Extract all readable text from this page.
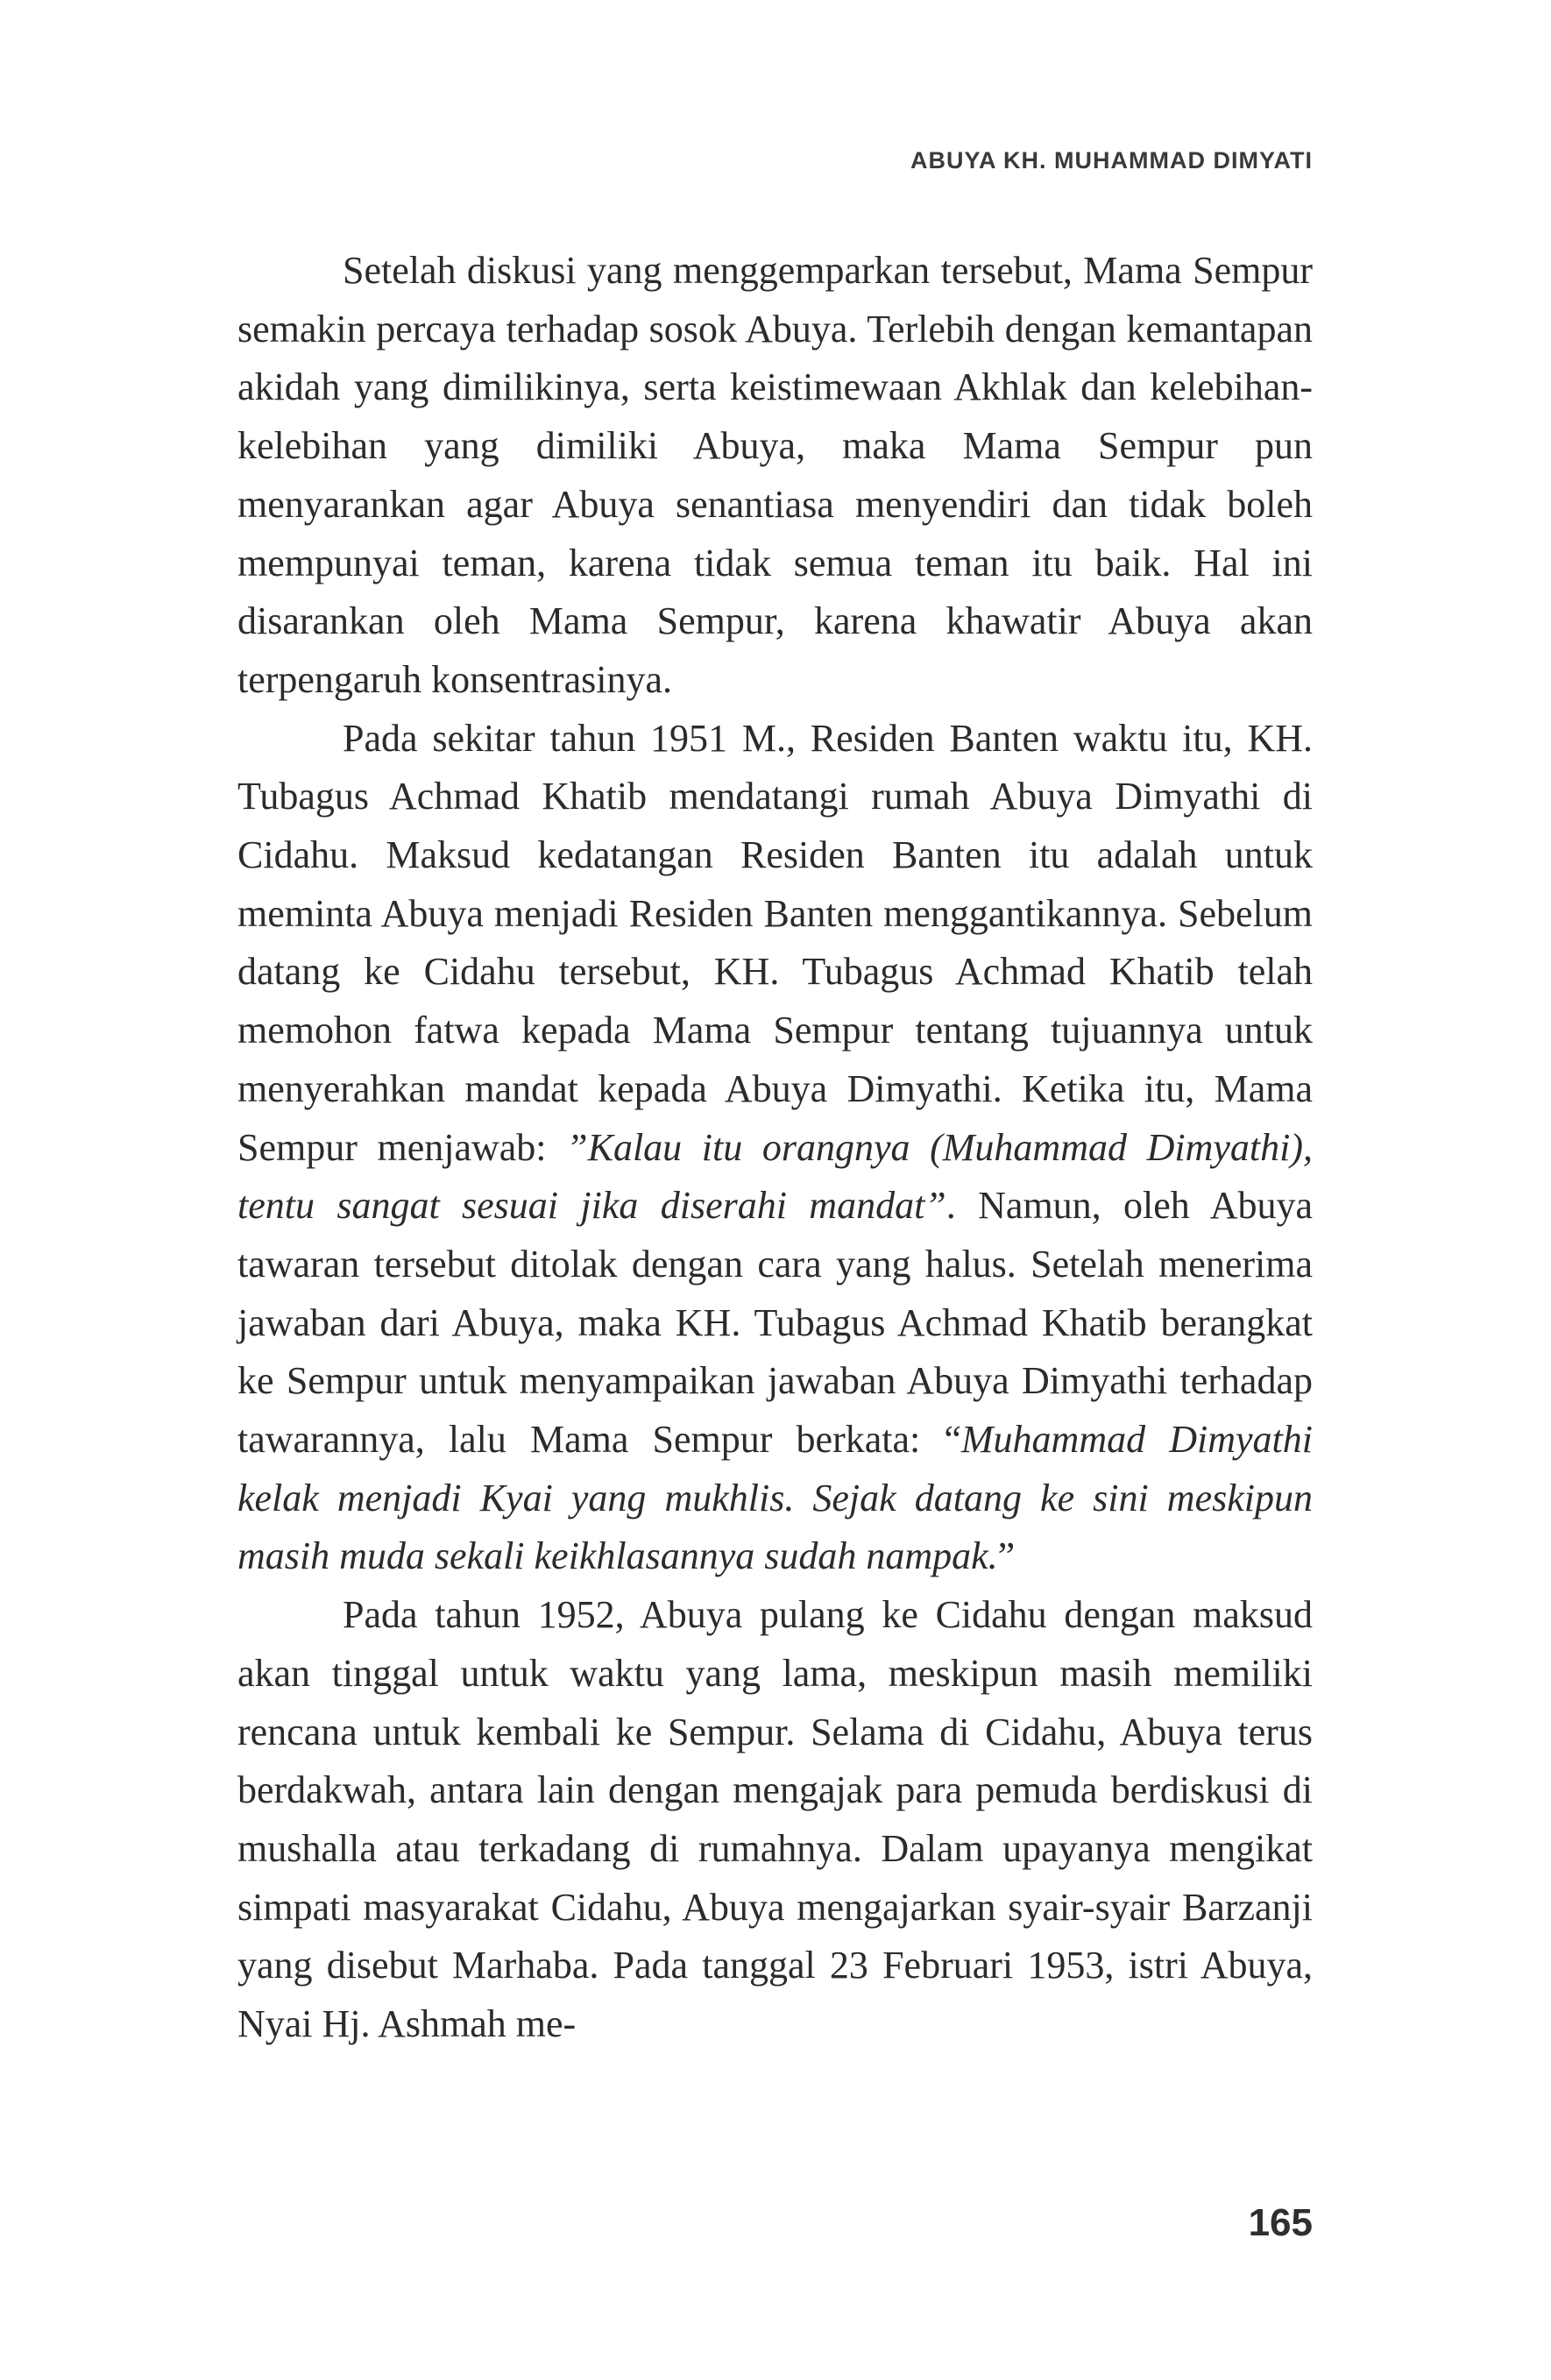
ABUYA KH. MUHAMMAD DIMYATI

Setelah diskusi yang menggemparkan tersebut, Mama Sempur semakin percaya terhadap sosok Abuya. Terlebih dengan kemantapan akidah yang dimilikinya, serta keistimewaan Akhlak dan kelebihan-kelebihan yang dimiliki Abuya, maka Mama Sempur pun menyarankan agar Abuya senantiasa menyendiri dan tidak boleh mempunyai teman, karena tidak semua teman itu baik. Hal ini disarankan oleh Mama Sempur, karena khawatir Abuya akan terpengaruh konsentrasinya.

Pada sekitar tahun 1951 M., Residen Banten waktu itu, KH. Tubagus Achmad Khatib mendatangi rumah Abuya Dimyathi di Cidahu. Maksud kedatangan Residen Banten itu adalah untuk meminta Abuya menjadi Residen Banten menggantikannya. Sebelum datang ke Cidahu tersebut, KH. Tubagus Achmad Khatib telah memohon fatwa kepada Mama Sempur tentang tujuannya untuk menyerahkan mandat kepada Abuya Dimyathi. Ketika itu, Mama Sempur menjawab: ”Kalau itu orangnya (Muhammad Dimyathi), tentu sangat sesuai jika diserahi mandat”. Namun, oleh Abuya tawaran tersebut ditolak dengan cara yang halus. Setelah menerima jawaban dari Abuya, maka KH. Tubagus Achmad Khatib berangkat ke Sempur untuk menyampaikan jawaban Abuya Dimyathi terhadap tawarannya, lalu Mama Sempur berkata: “Muhammad Dimyathi kelak menjadi Kyai yang mukhlis. Sejak datang ke sini meskipun masih muda sekali keikhlasannya sudah nampak.”

Pada tahun 1952, Abuya pulang ke Cidahu dengan maksud akan tinggal untuk waktu yang lama, meskipun masih memiliki rencana untuk kembali ke Sempur. Selama di Cidahu, Abuya terus berdakwah, antara lain dengan mengajak para pemuda berdiskusi di mushalla atau terkadang di rumahnya. Dalam upayanya mengikat simpati masyarakat Cidahu, Abuya mengajarkan syair-syair Barzanji yang disebut Marhaba. Pada tanggal 23 Februari 1953, istri Abuya, Nyai Hj. Ashmah me-

165
